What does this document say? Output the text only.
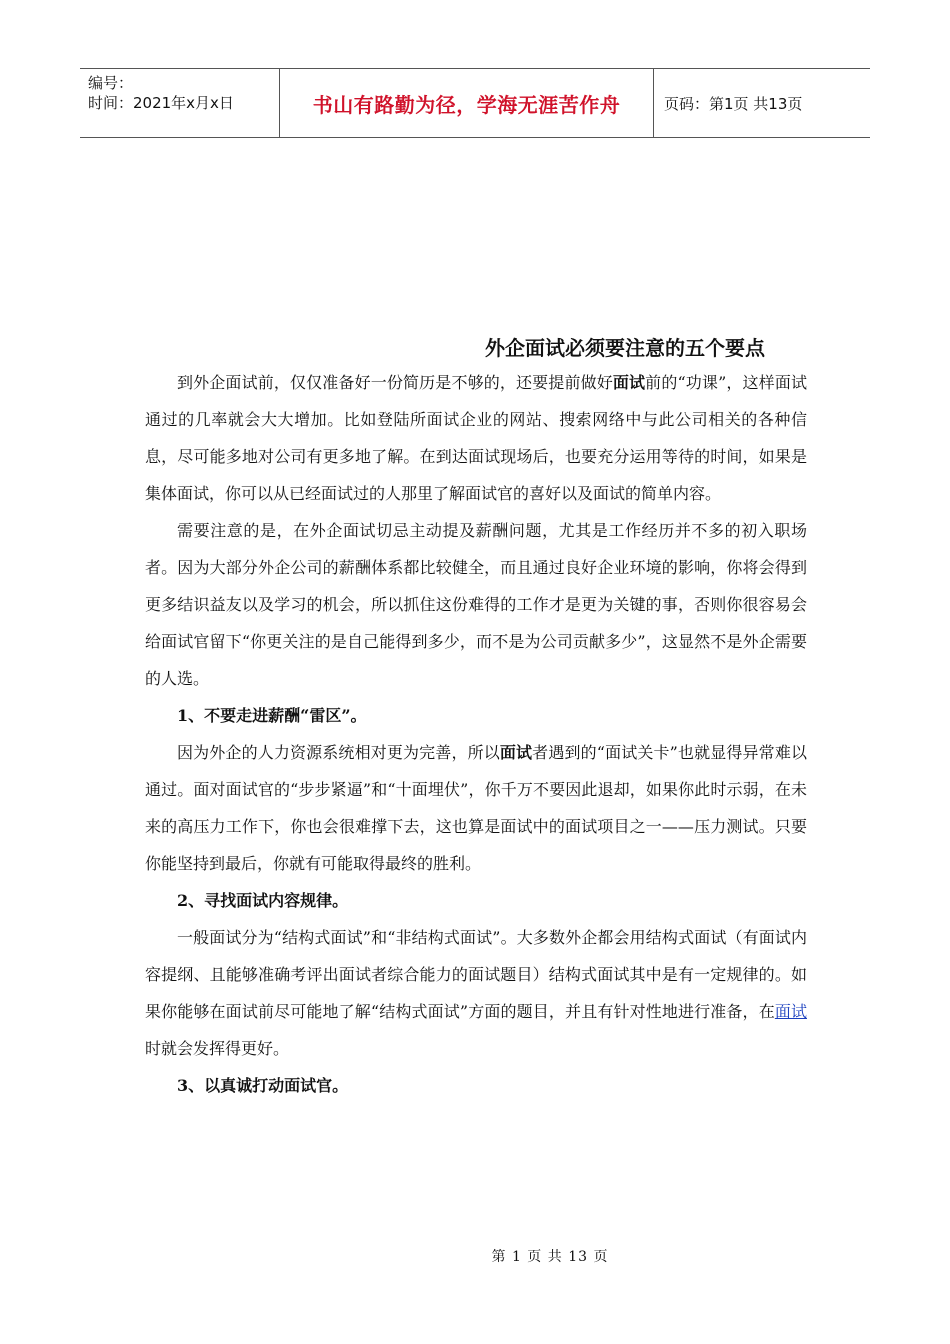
编号：
时间：2021年x月x日	书山有路勤为径，学海无涯苦作舟	页码：第1页 共13页
外企面试必须要注意的五个要点

到外企面试前，仅仅准备好一份简历是不够的，还要提前做好面试前的“功课”，这样面试通过的几率就会大大增加。比如登陆所面试企业的网站、搜索网络中与此公司相关的各种信息，尽可能多地对公司有更多地了解。在到达面试现场后，也要充分运用等待的时间，如果是集体面试，你可以从已经面试过的人那里了解面试官的喜好以及面试的简单内容。

需要注意的是，在外企面试切忌主动提及薪酬问题，尤其是工作经历并不多的初入职场者。因为大部分外企公司的薪酬体系都比较健全，而且通过良好企业环境的影响，你将会得到更多结识益友以及学习的机会，所以抓住这份难得的工作才是更为关键的事，否则你很容易会给面试官留下“你更关注的是自己能得到多少，而不是为公司贡献多少”，这显然不是外企需要的人选。

1、不要走进薪酬“雷区”。

因为外企的人力资源系统相对更为完善，所以面试者遇到的“面试关卡”也就显得异常难以通过。面对面试官的“步步紧逼”和“十面埋伏”，你千万不要因此退却，如果你此时示弱，在未来的高压力工作下，你也会很难撑下去，这也算是面试中的面试项目之一——压力测试。只要你能坚持到最后，你就有可能取得最终的胜利。

2、寻找面试内容规律。

一般面试分为“结构式面试”和“非结构式面试”。大多数外企都会用结构式面试（有面试内容提纲、且能够准确考评出面试者综合能力的面试题目）结构式面试其中是有一定规律的。如果你能够在面试前尽可能地了解“结构式面试”方面的题目，并且有针对性地进行准备，在面试时就会发挥得更好。

3、以真诚打动面试官。

第 1 页 共 13 页
